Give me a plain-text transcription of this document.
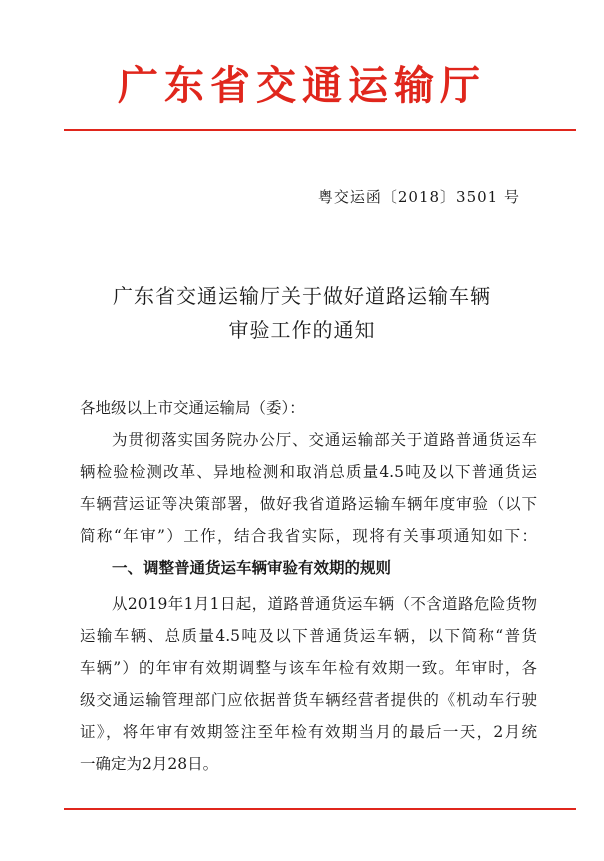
广东省交通运输厅
粤交运函〔2018〕3501 号
广东省交通运输厅关于做好道路运输车辆
审验工作的通知
各地级以上市交通运输局（委）：
为贯彻落实国务院办公厅、交通运输部关于道路普通货运车
辆检验检测改革、异地检测和取消总质量4.5吨及以下普通货运
车辆营运证等决策部署，做好我省道路运输车辆年度审验（以下
简称“年审”）工作，结合我省实际，现将有关事项通知如下：
一、调整普通货运车辆审验有效期的规则
从2019年1月1日起，道路普通货运车辆（不含道路危险货物
运输车辆、总质量4.5吨及以下普通货运车辆，以下简称“普货
车辆”）的年审有效期调整与该车年检有效期一致。年审时，各
级交通运输管理部门应依据普货车辆经营者提供的《机动车行驶
证》，将年审有效期签注至年检有效期当月的最后一天，2月统
一确定为2月28日。
